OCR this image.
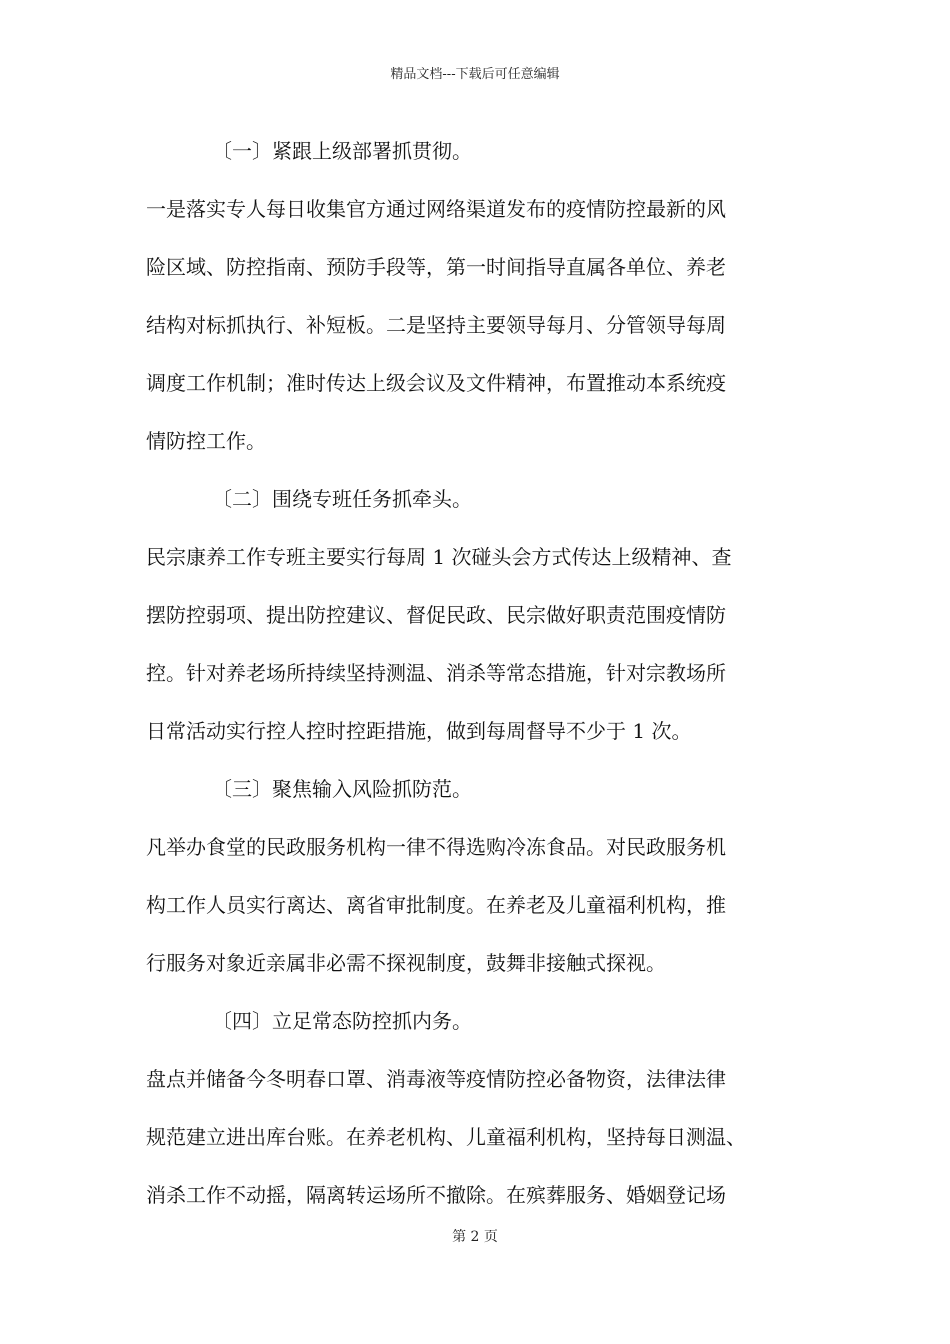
精品文档---下载后可任意编辑
〔一〕紧跟上级部署抓贯彻。
一是落实专人每日收集官方通过网络渠道发布的疫情防控最新的风
险区域、防控指南、预防手段等，第一时间指导直属各单位、养老
结构对标抓执行、补短板。二是坚持主要领导每月、分管领导每周
调度工作机制；准时传达上级会议及文件精神，布置推动本系统疫
情防控工作。
〔二〕围绕专班任务抓牵头。
民宗康养工作专班主要实行每周 1 次碰头会方式传达上级精神、查
摆防控弱项、提出防控建议、督促民政、民宗做好职责范围疫情防
控。针对养老场所持续坚持测温、消杀等常态措施，针对宗教场所
日常活动实行控人控时控距措施，做到每周督导不少于 1 次。
〔三〕聚焦输入风险抓防范。
凡举办食堂的民政服务机构一律不得选购冷冻食品。对民政服务机
构工作人员实行离达、离省审批制度。在养老及儿童福利机构，推
行服务对象近亲属非必需不探视制度，鼓舞非接触式探视。
〔四〕立足常态防控抓内务。
盘点并储备今冬明春口罩、消毒液等疫情防控必备物资，法律法律
规范建立进出库台账。在养老机构、儿童福利机构，坚持每日测温、
消杀工作不动摇，隔离转运场所不撤除。在殡葬服务、婚姻登记场
第 2 页
